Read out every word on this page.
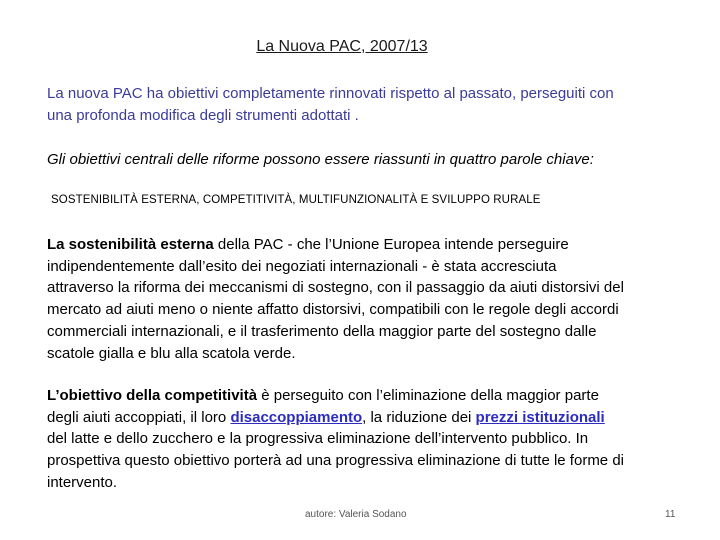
La Nuova PAC, 2007/13
La nuova PAC ha obiettivi completamente rinnovati rispetto al passato, perseguiti con una profonda modifica degli strumenti adottati .
Gli obiettivi centrali delle riforme possono essere riassunti in quattro parole chiave:
SOSTENIBILITÀ ESTERNA, COMPETITIVITÀ, MULTIFUNZIONALITÀ E SVILUPPO RURALE
La sostenibilità esterna della PAC - che l’Unione Europea intende perseguire indipendentemente dall’esito dei negoziati internazionali - è stata accresciuta attraverso la riforma dei meccanismi di sostegno, con il passaggio da aiuti distorsivi del mercato ad aiuti meno o niente affatto distorsivi, compatibili con le regole degli accordi commerciali internazionali, e il trasferimento della maggior parte del sostegno dalle scatole gialla e blu alla scatola verde.
L’obiettivo della competitività è perseguito con l’eliminazione della maggior parte degli aiuti accoppiati, il loro disaccoppiamento, la riduzione dei prezzi istituzionali del latte e dello zucchero e la progressiva eliminazione dell’intervento pubblico. In prospettiva questo obiettivo porterà ad una progressiva eliminazione di tutte le forme di intervento.
autore: Valeria Sodano	11
